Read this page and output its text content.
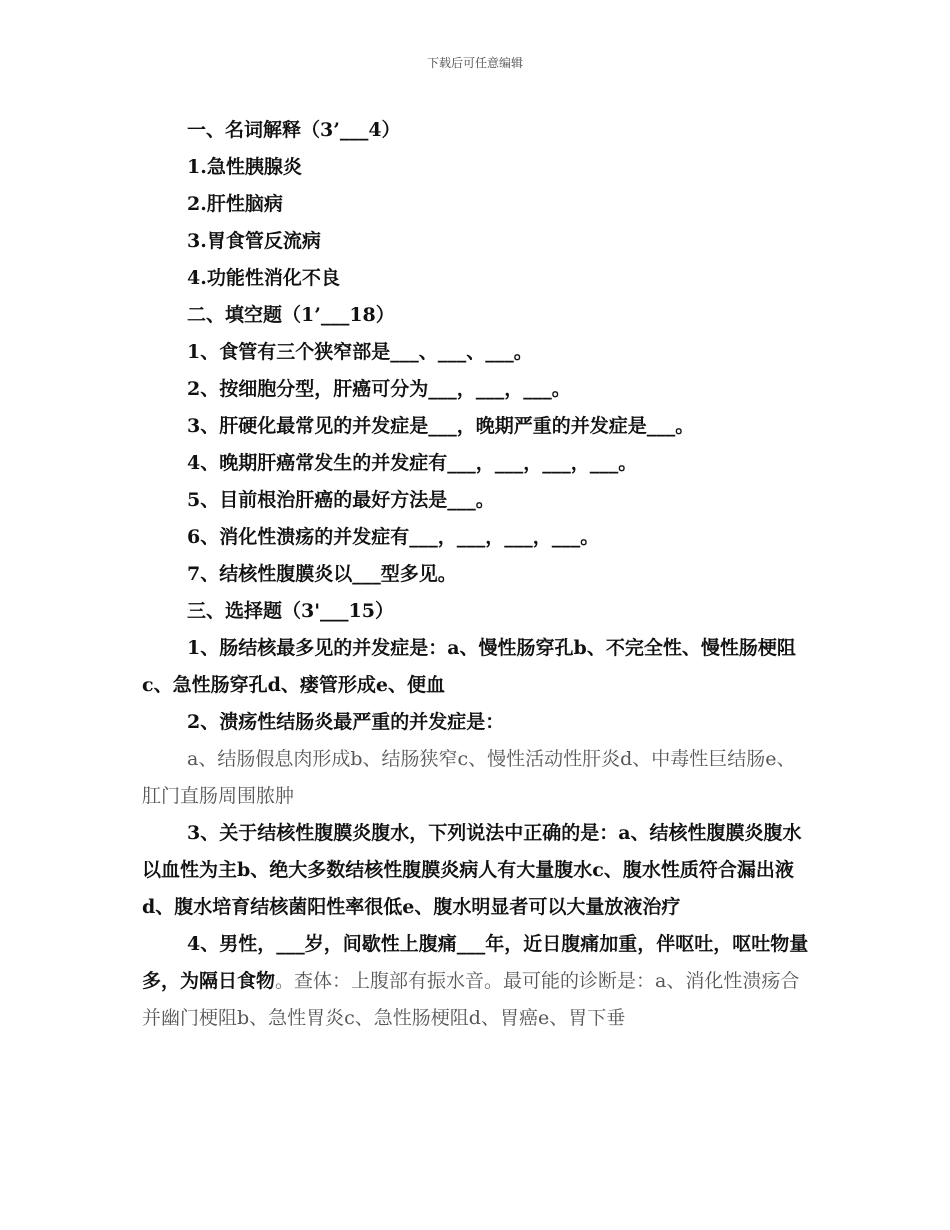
下载后可任意编辑
一、名词解释（3’___4）
1.急性胰腺炎
2.肝性脑病
3.胃食管反流病
4.功能性消化不良
二、填空题（1’___18）
1、食管有三个狭窄部是___、___、___。
2、按细胞分型，肝癌可分为___，___，___。
3、肝硬化最常见的并发症是___，晚期严重的并发症是___。
4、晚期肝癌常发生的并发症有___，___，___，___。
5、目前根治肝癌的最好方法是___。
6、消化性溃疡的并发症有___，___，___，___。
7、结核性腹膜炎以___型多见。
三、选择题（3'___15）
1、肠结核最多见的并发症是：a、慢性肠穿孔b、不完全性、慢性肠梗阻c、急性肠穿孔d、瘘管形成e、便血
2、溃疡性结肠炎最严重的并发症是：
a、结肠假息肉形成b、结肠狭窄c、慢性活动性肝炎d、中毒性巨结肠e、肛门直肠周围脓肿
3、关于结核性腹膜炎腹水，下列说法中正确的是：a、结核性腹膜炎腹水以血性为主b、绝大多数结核性腹膜炎病人有大量腹水c、腹水性质符合漏出液d、腹水培育结核菌阳性率很低e、腹水明显者可以大量放液治疗
4、男性，___岁，间歇性上腹痛___年，近日腹痛加重，伴呕吐，呕吐物量多，为隔日食物。查体：上腹部有振水音。最可能的诊断是：a、消化性溃疡合并幽门梗阻b、急性胃炎c、急性肠梗阻d、胃癌e、胃下垂
